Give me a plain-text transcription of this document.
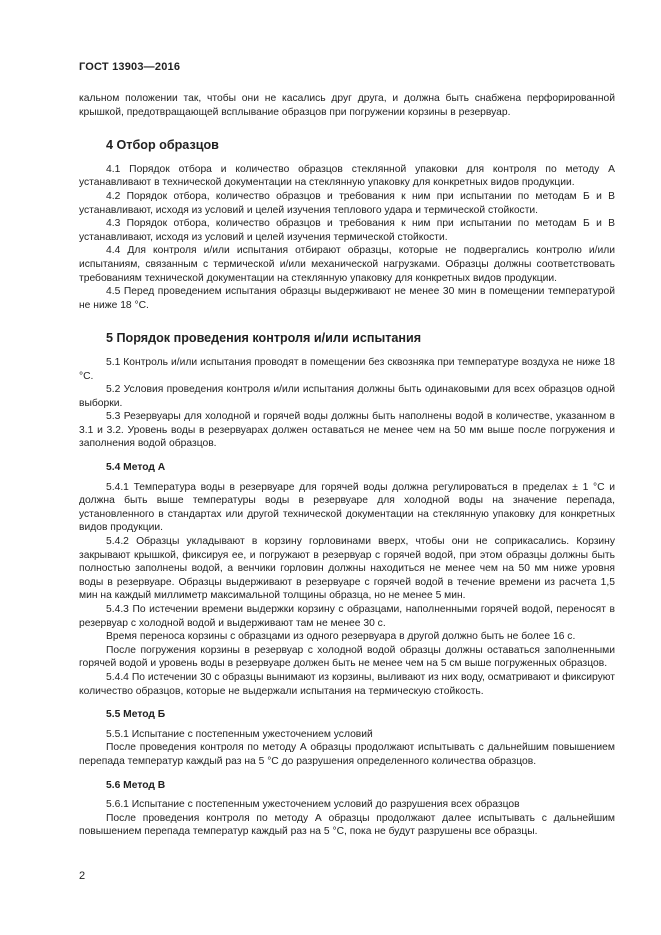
ГОСТ 13903—2016

кальном положении так, чтобы они не касались друг друга, и должна быть снабжена перфорированной крышкой, предотвращающей всплывание образцов при погружении корзины в резервуар.

4 Отбор образцов

4.1 Порядок отбора и количество образцов стеклянной упаковки для контроля по методу А устанавливают в технической документации на стеклянную упаковку для конкретных видов продукции.

4.2 Порядок отбора, количество образцов и требования к ним при испытании по методам Б и В устанавливают, исходя из условий и целей изучения теплового удара и термической стойкости.

4.3 Порядок отбора, количество образцов и требования к ним при испытании по методам Б и В устанавливают, исходя из условий и целей изучения термической стойкости.

4.4 Для контроля и/или испытания отбирают образцы, которые не подвергались контролю и/или испытаниям, связанным с термической и/или механической нагрузками. Образцы должны соответствовать требованиям технической документации на стеклянную упаковку для конкретных видов продукции.

4.5 Перед проведением испытания образцы выдерживают не менее 30 мин в помещении температурой не ниже 18 °С.

5 Порядок проведения контроля и/или испытания

5.1 Контроль и/или испытания проводят в помещении без сквозняка при температуре воздуха не ниже 18 °С.

5.2 Условия проведения контроля и/или испытания должны быть одинаковыми для всех образцов одной выборки.

5.3 Резервуары для холодной и горячей воды должны быть наполнены водой в количестве, указанном в 3.1 и 3.2. Уровень воды в резервуарах должен оставаться не менее чем на 50 мм выше после погружения и заполнения водой образцов.

5.4 Метод А

5.4.1 Температура воды в резервуаре для горячей воды должна регулироваться в пределах ± 1 °С и должна быть выше температуры воды в резервуаре для холодной воды на значение перепада, установленного в стандартах или другой технической документации на стеклянную упаковку для конкретных видов продукции.

5.4.2 Образцы укладывают в корзину горловинами вверх, чтобы они не соприкасались. Корзину закрывают крышкой, фиксируя ее, и погружают в резервуар с горячей водой, при этом образцы должны быть полностью заполнены водой, а венчики горловин должны находиться не менее чем на 50 мм ниже уровня воды в резервуаре. Образцы выдерживают в резервуаре с горячей водой в течение времени из расчета 1,5 мин на каждый миллиметр максимальной толщины образца, но не менее 5 мин.

5.4.3 По истечении времени выдержки корзину с образцами, наполненными горячей водой, переносят в резервуар с холодной водой и выдерживают там не менее 30 с.

Время переноса корзины с образцами из одного резервуара в другой должно быть не более 16 с.

После погружения корзины в резервуар с холодной водой образцы должны оставаться заполненными горячей водой и уровень воды в резервуаре должен быть не менее чем на 5 см выше погруженных образцов.

5.4.4 По истечении 30 с образцы вынимают из корзины, выливают из них воду, осматривают и фиксируют количество образцов, которые не выдержали испытания на термическую стойкость.

5.5 Метод Б

5.5.1 Испытание с постепенным ужесточением условий

После проведения контроля по методу А образцы продолжают испытывать с дальнейшим повышением перепада температур каждый раз на 5 °С до разрушения определенного количества образцов.

5.6 Метод В

5.6.1 Испытание с постепенным ужесточением условий до разрушения всех образцов

После проведения контроля по методу А образцы продолжают далее испытывать с дальнейшим повышением перепада температур каждый раз на 5 °С, пока не будут разрушены все образцы.

2
